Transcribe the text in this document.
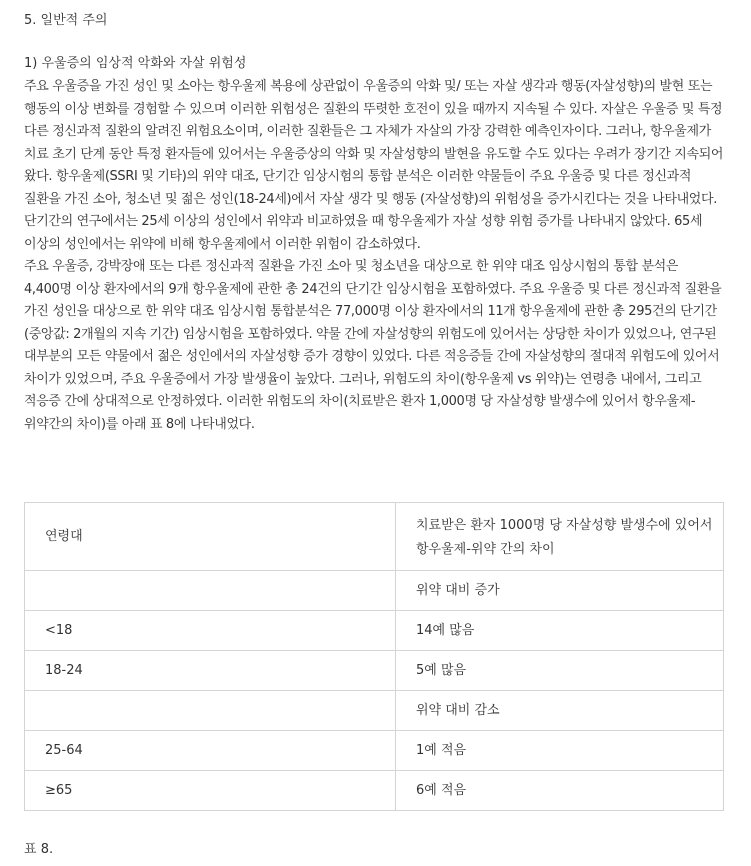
5. 일반적 주의
1) 우울증의 임상적 악화와 자살 위험성

주요 우울증을 가진 성인 및 소아는 항우울제 복용에 상관없이 우울증의 악화 및/ 또는 자살 생각과 행동(자살성향)의 발현 또는 행동의 이상 변화를 경험할 수 있으며 이러한 위험성은 질환의 뚜렷한 호전이 있을 때까지 지속될 수 있다. 자살은 우울증 및 특정 다른 정신과적 질환의 알려진 위험요소이며, 이러한 질환들은 그 자체가 자살의 가장 강력한 예측인자이다. 그러나, 항우울제가 치료 초기 단계 동안 특정 환자들에 있어서는 우울증상의 악화 및 자살성향의 발현을 유도할 수도 있다는 우려가 장기간 지속되어 왔다. 항우울제(SSRI 및 기타)의 위약 대조, 단기간 임상시험의 통합 분석은 이러한 약물들이 주요 우울증 및 다른 정신과적 질환을 가진 소아, 청소년 및 젊은 성인(18-24세)에서 자살 생각 및 행동 (자살성향)의 위험성을 증가시킨다는 것을 나타내었다. 단기간의 연구에서는 25세 이상의 성인에서 위약과 비교하였을 때 항우울제가 자살 성향 위험 증가를 나타내지 않았다. 65세 이상의 성인에서는 위약에 비해 항우울제에서 이러한 위험이 감소하였다.

주요 우울증, 강박장애 또는 다른 정신과적 질환을 가진 소아 및 청소년을 대상으로 한 위약 대조 임상시험의 통합 분석은 4,400명 이상 환자에서의 9개 항우울제에 관한 총 24건의 단기간 임상시험을 포함하였다. 주요 우울증 및 다른 정신과적 질환을 가진 성인을 대상으로 한 위약 대조 임상시험 통합분석은 77,000명 이상 환자에서의 11개 항우울제에 관한 총 295건의 단기간(중앙값: 2개월의 지속 기간) 임상시험을 포함하였다. 약물 간에 자살성향의 위험도에 있어서는 상당한 차이가 있었으나, 연구된 대부분의 모든 약물에서 젊은 성인에서의 자살성향 증가 경향이 있었다. 다른 적응증들 간에 자살성향의 절대적 위험도에 있어서 차이가 있었으며, 주요 우울증에서 가장 발생율이 높았다. 그러나, 위험도의 차이(항우울제 vs 위약)는 연령층 내에서, 그리고 적응증 간에 상대적으로 안정하였다. 이러한 위험도의 차이(치료받은 환자 1,000명 당 자살성향 발생수에 있어서 항우울제-위약간의 차이)를 아래 표 8에 나타내었다.

연령대	치료받은 환자 1000명 당 자살성향 발생수에 있어서 항우울제-위약 간의 차이
	위약 대비 증가
<18	14예 많음
18-24	5예 많음
	위약 대비 감소
25-64	1예 적음
≥65	6예 적음
표 8.
